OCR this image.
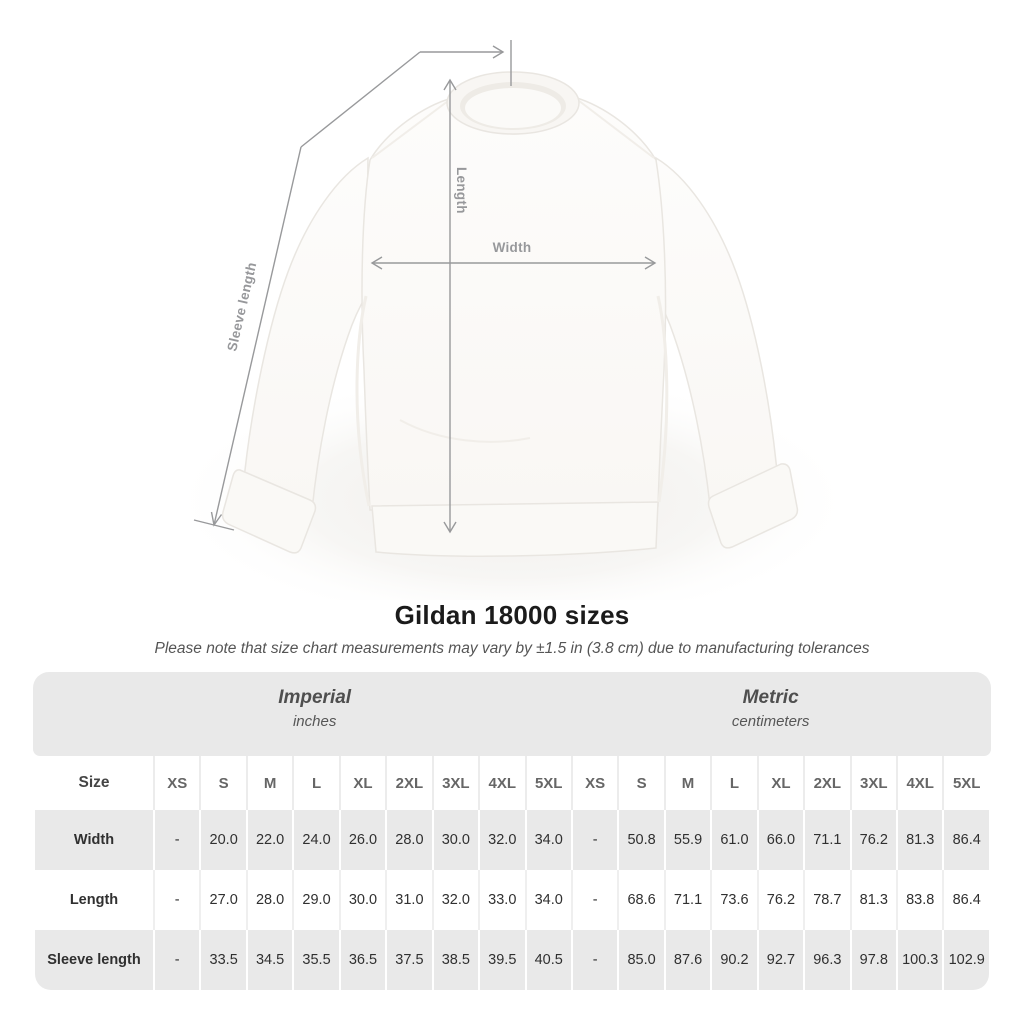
Length
Width
Sleeve length
Gildan 18000 sizes

Please note that size chart measurements may vary by ±1.5 in (3.8 cm) due to manufacturing tolerances

Imperial
inches
Metric
centimeters
Size	XS	S	M	L	XL	2XL	3XL	4XL	5XL	XS	S	M	L	XL	2XL	3XL	4XL	5XL
Width	-	20.0	22.0	24.0	26.0	28.0	30.0	32.0	34.0	-	50.8	55.9	61.0	66.0	71.1	76.2	81.3	86.4
Length	-	27.0	28.0	29.0	30.0	31.0	32.0	33.0	34.0	-	68.6	71.1	73.6	76.2	78.7	81.3	83.8	86.4
Sleeve length	-	33.5	34.5	35.5	36.5	37.5	38.5	39.5	40.5	-	85.0	87.6	90.2	92.7	96.3	97.8	100.3	102.9
